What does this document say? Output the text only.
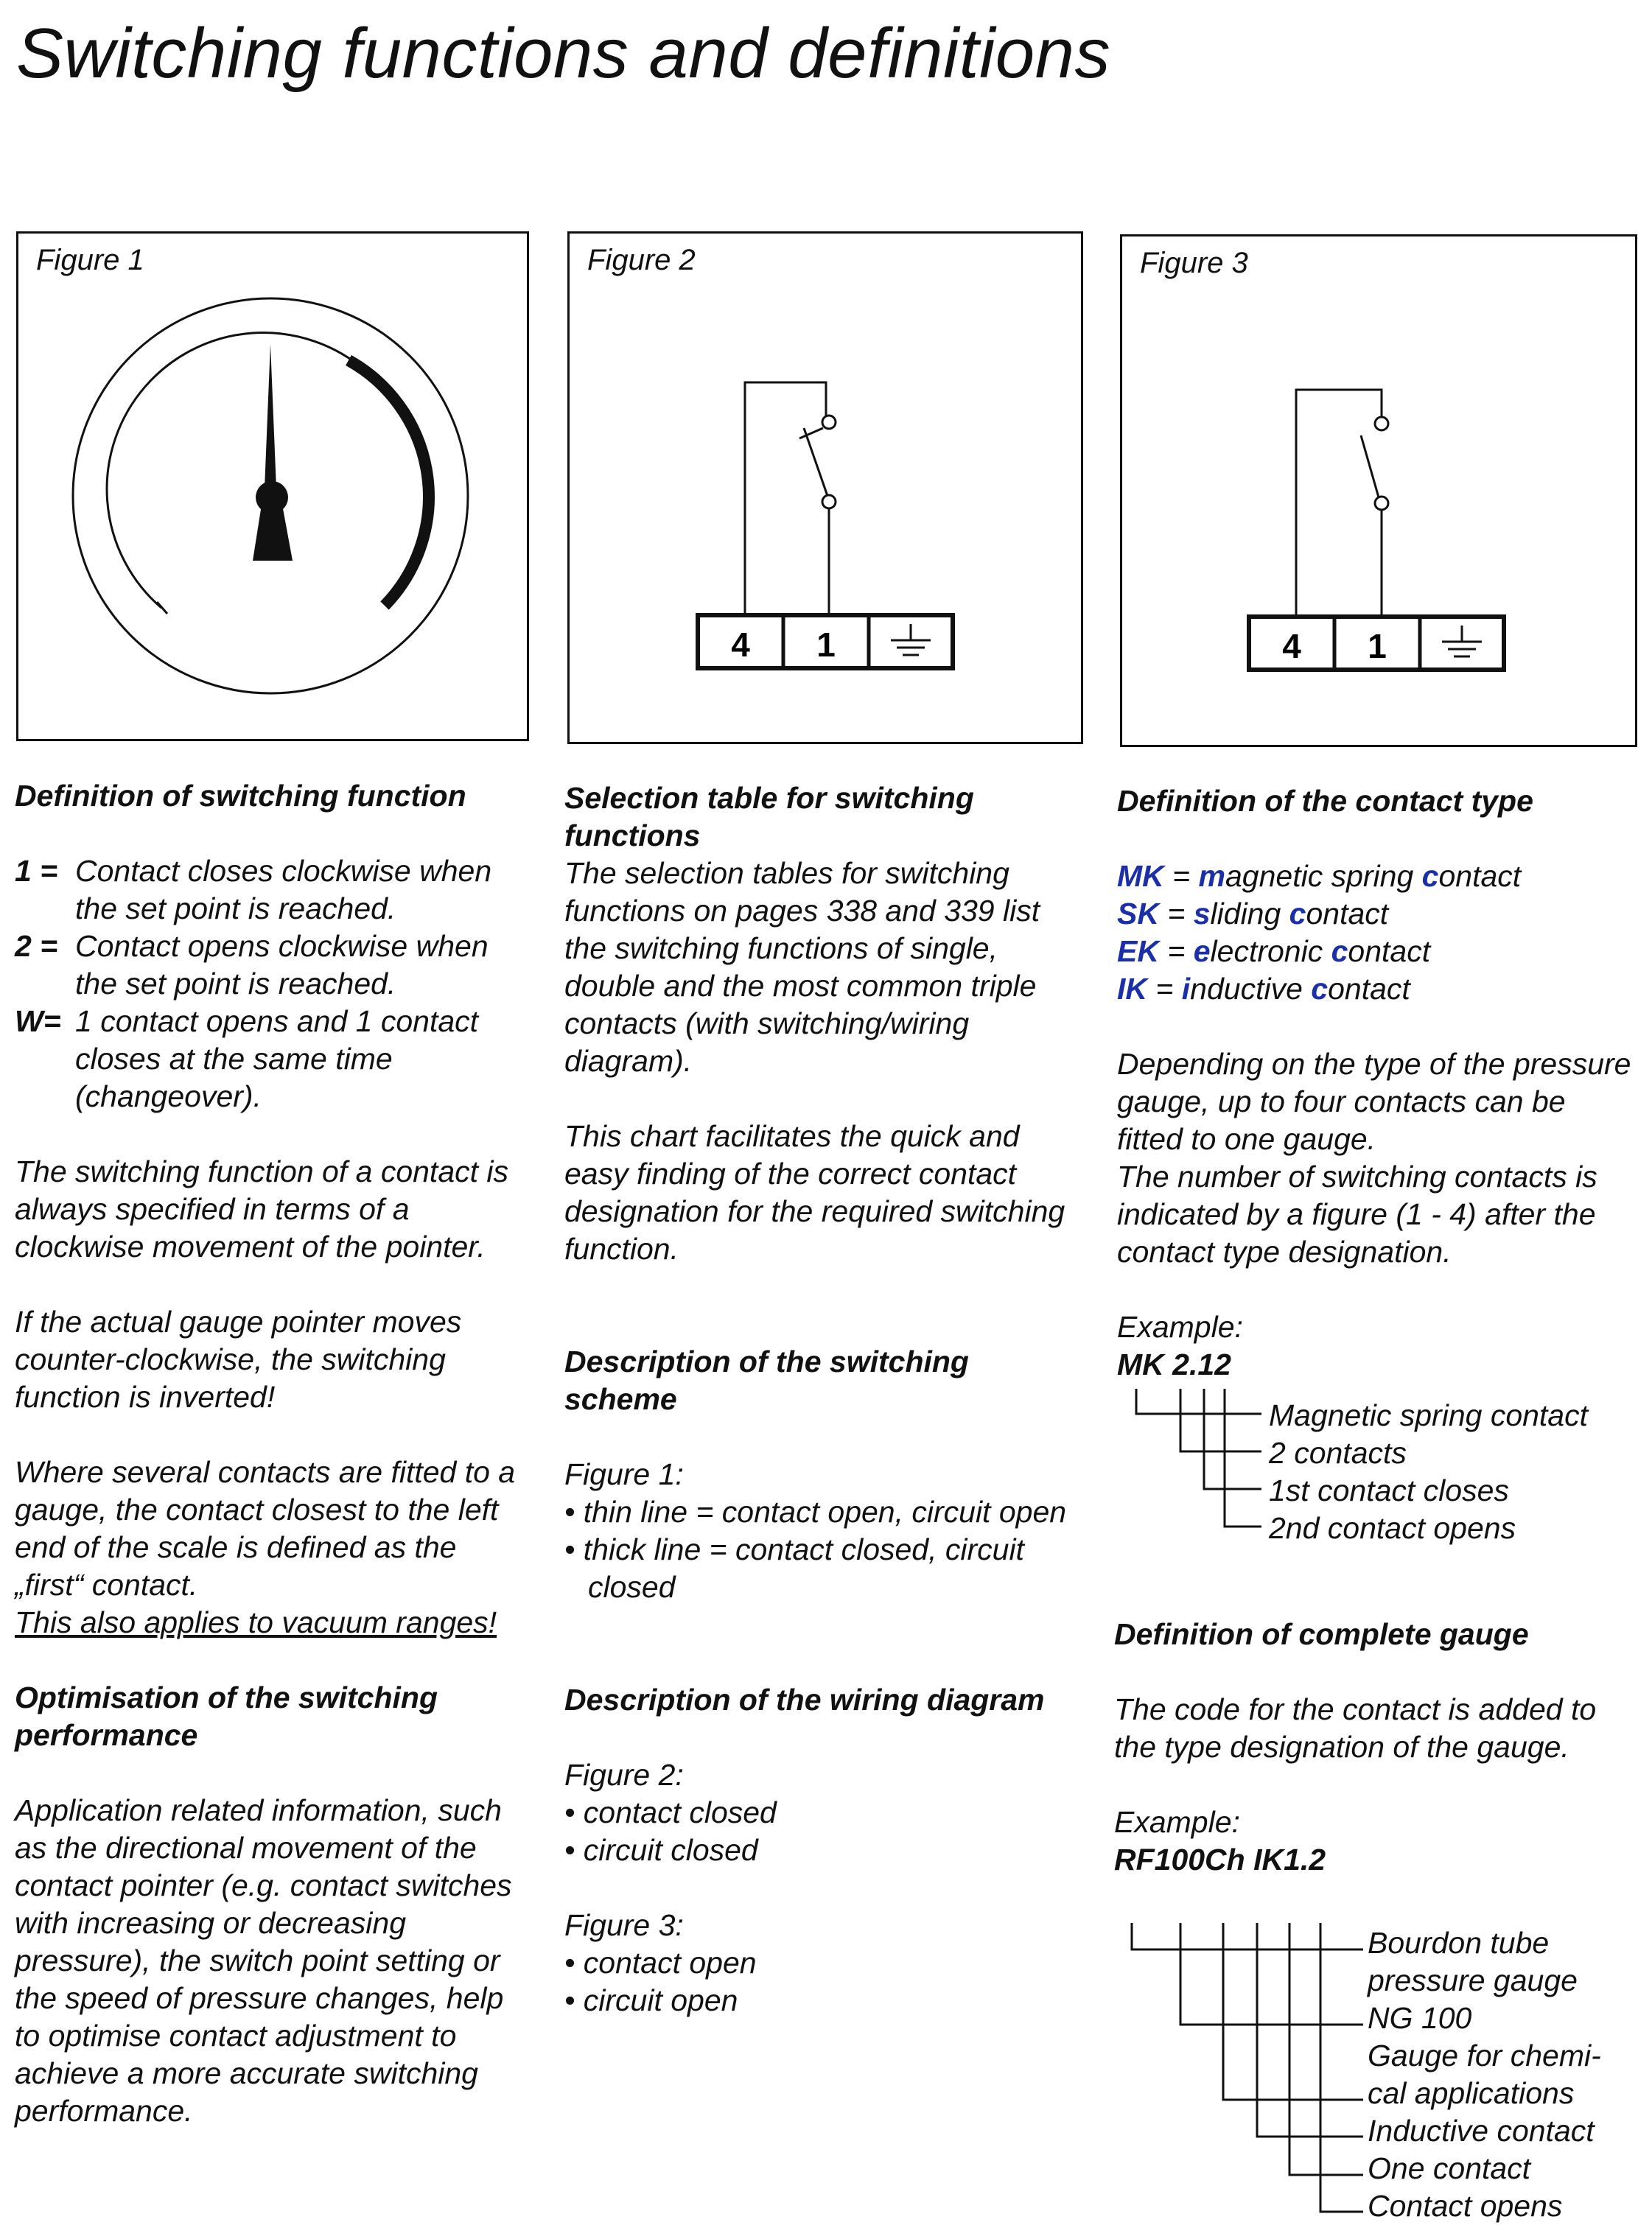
Switching functions and definitions
Figure 1	Figure 2
4 1
Figure 3
4 1

Definition of switching function

1 = Contact closes clockwise when the set point is reached.
2 = Contact opens clockwise when the set point is reached.
W= 1 contact opens and 1 contact closes at the same time (changeover).

The switching function of a contact is always specified in terms of a clockwise movement of the pointer.

If the actual gauge pointer moves counter-clockwise, the switching function is inverted!

Where several contacts are fitted to a gauge, the contact closest to the left end of the scale is defined as the „first“ contact.

This also applies to vacuum ranges!

Optimisation of the switching performance

Application related information, such as the directional movement of the contact pointer (e.g. contact switches with increasing or decreasing pressure), the switch point setting or the speed of pressure changes, help to optimise contact adjustment to achieve a more accurate switching performance.

Selection table for switching functions

The selection tables for switching functions on pages 338 and 339 list the switching functions of single, double and the most common triple contacts (with switching/wiring diagram).

This chart facilitates the quick and easy finding of the correct contact designation for the required switching function.

Description of the switching scheme

Figure 1:

• thin line = contact open, circuit open

• thick line = contact closed, circuit closed

Description of the wiring diagram

Figure 2:

• contact closed

• circuit closed

Figure 3:

• contact open

• circuit open

Definition of the contact type

MK = magnetic spring contact

SK = sliding contact

EK = electronic contact

IK = inductive contact

Depending on the type of the pressure gauge, up to four contacts can be fitted to one gauge.

The number of switching contacts is indicated by a figure (1 - 4) after the contact type designation.

Example:

MK 2.12

Magnetic spring contact
2 contacts
1st contact closes
2nd contact opens

Definition of complete gauge

The code for the contact is added to the type designation of the gauge.

Example:

RF100Ch IK1.2

Bourdon tube
pressure gauge
NG 100
Gauge for chemi-
cal applications
Inductive contact
One contact
Contact opens
